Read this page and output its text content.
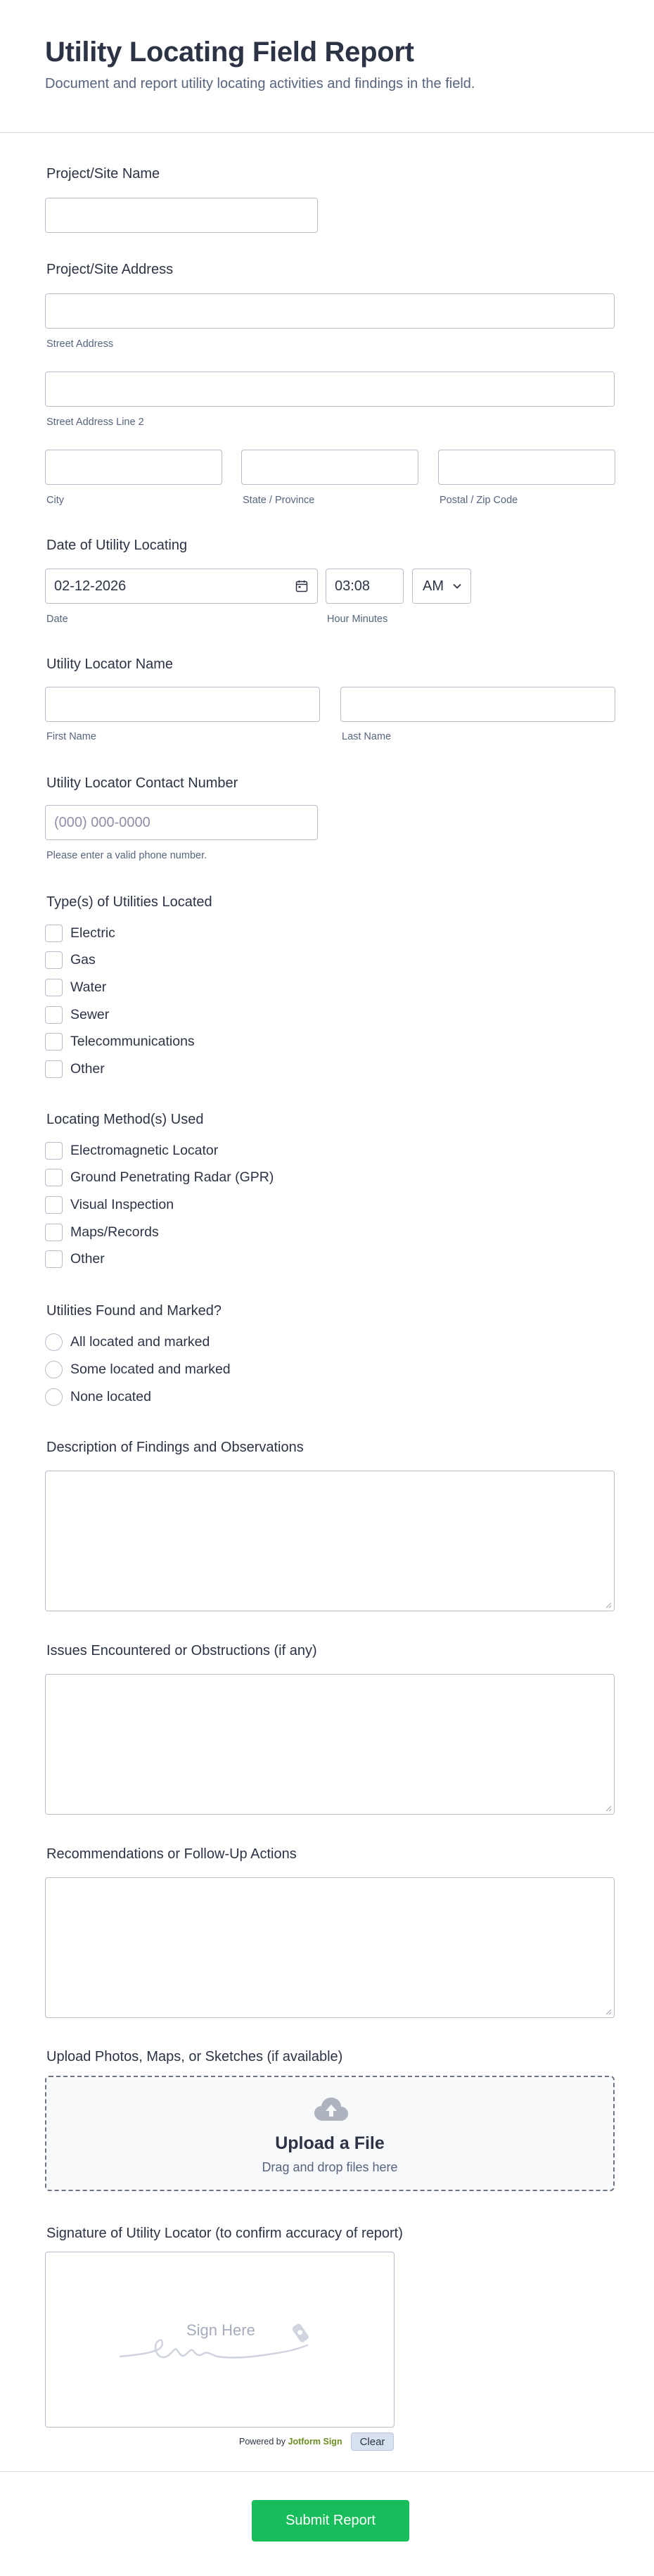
Utility Locating Field Report
Document and report utility locating activities and findings in the field.
Project/Site Name
Project/Site Address
Street Address
Street Address Line 2
City	State / Province	Postal / Zip Code
Date of Utility Locating
02-12-2026
Date
03:08
Hour Minutes
AM
Utility Locator Name
First Name	Last Name
Utility Locator Contact Number
(000) 000-0000
Please enter a valid phone number.
Type(s) of Utilities Located
Electric
Gas
Water
Sewer
Telecommunications
Other
Locating Method(s) Used
Electromagnetic Locator
Ground Penetrating Radar (GPR)
Visual Inspection
Maps/Records
Other
Utilities Found and Marked?
All located and marked
Some located and marked
None located
Description of Findings and Observations
Issues Encountered or Obstructions (if any)
Recommendations or Follow-Up Actions
Upload Photos, Maps, or Sketches (if available)
Upload a File
Drag and drop files here
Signature of Utility Locator (to confirm accuracy of report)
Sign Here
Powered by Jotform Sign	Clear
Submit Report
